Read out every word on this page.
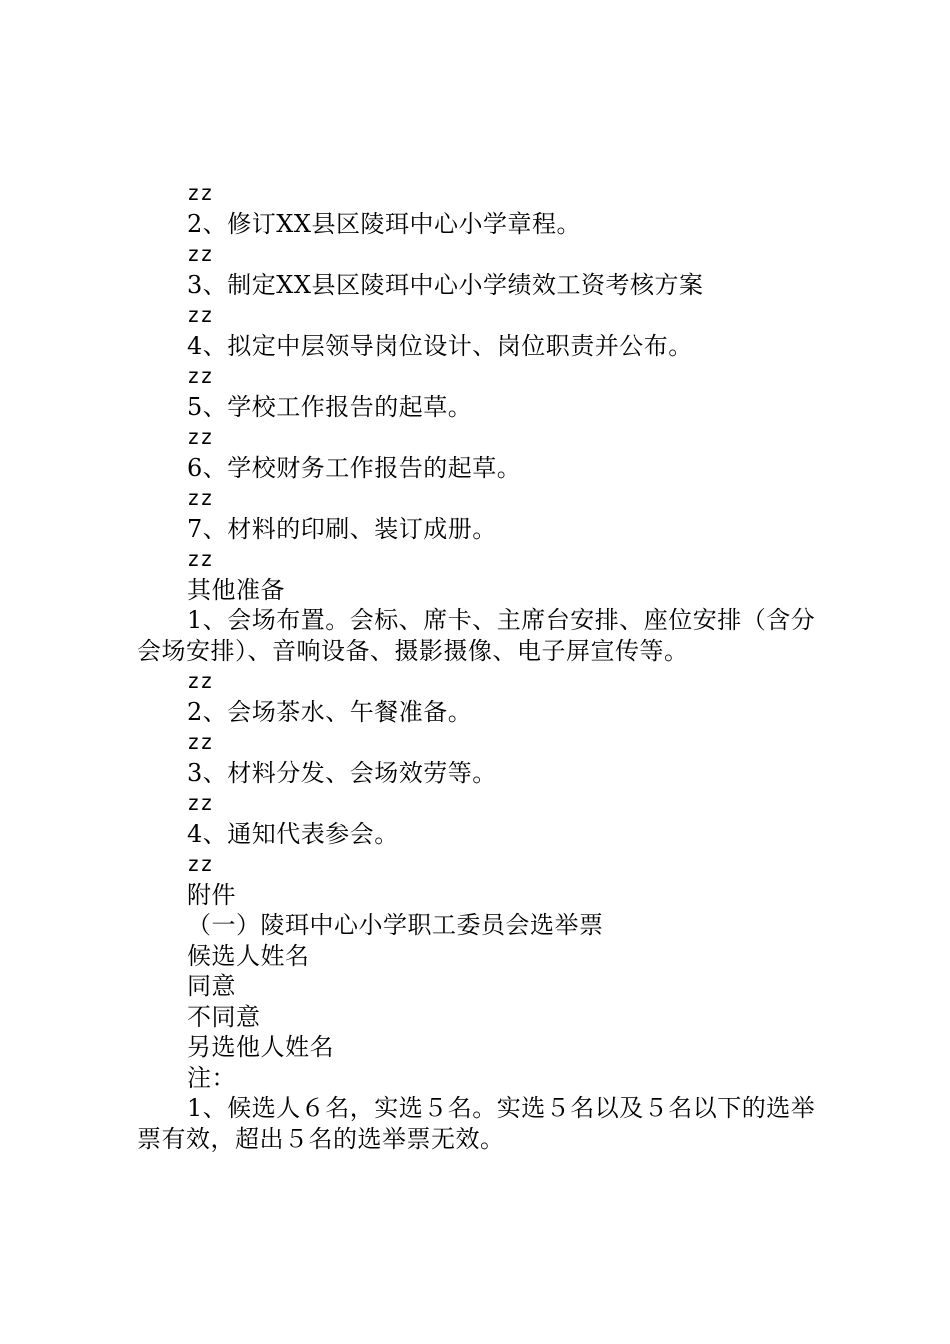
zz
2、修订XX县区陵珥中心小学章程。
zz
3、制定XX县区陵珥中心小学绩效工资考核方案
zz
4、拟定中层领导岗位设计、岗位职责并公布。
zz
5、学校工作报告的起草。
zz
6、学校财务工作报告的起草。
zz
7、材料的印刷、装订成册。
zz
其他准备
1、会场布置。会标、席卡、主席台安排、座位安排（含分会场安排）、音响设备、摄影摄像、电子屏宣传等。
zz
2、会场茶水、午餐准备。
zz
3、材料分发、会场效劳等。
zz
4、通知代表参会。
zz
附件
（一）陵珥中心小学职工委员会选举票
候选人姓名
同意
不同意
另选他人姓名
注：
1、候选人６名，实选５名。实选５名以及５名以下的选举票有效，超出５名的选举票无效。
